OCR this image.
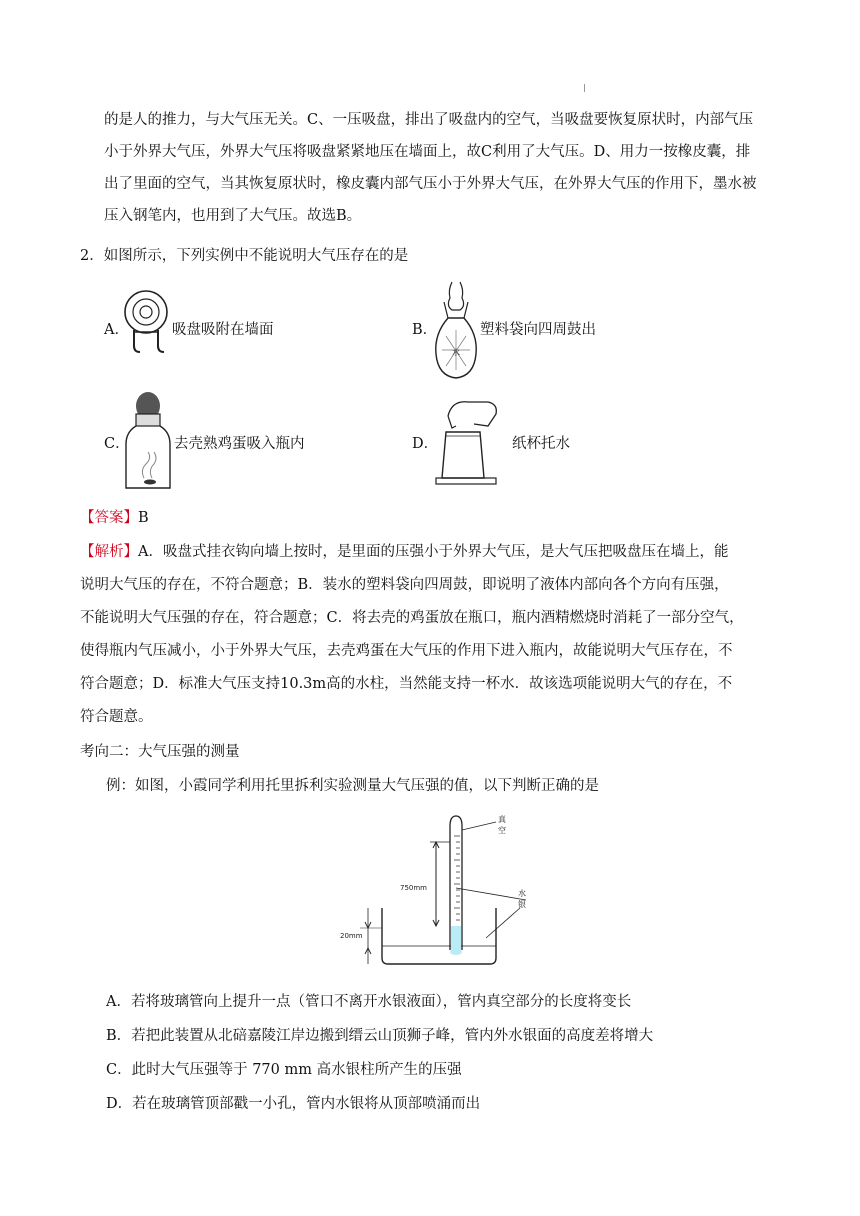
的是人的推力，与大气压无关。C、一压吸盘，排出了吸盘内的空气，当吸盘要恢复原状时，内部气压
小于外界大气压，外界大气压将吸盘紧紧地压在墙面上，故C利用了大气压。D、用力一按橡皮囊，排
出了里面的空气，当其恢复原状时，橡皮囊内部气压小于外界大气压，在外界大气压的作用下，墨水被
压入钢笔内，也用到了大气压。故选B。
2．如图所示，下列实例中不能说明大气压存在的是
A．	吸盘吸附在墙面	B．
水
塑料袋向四周鼓出
C．	去壳熟鸡蛋吸入瓶内	D．	纸杯托水
【答案】B
【解析】A．吸盘式挂衣钩向墙上按时，是里面的压强小于外界大气压，是大气压把吸盘压在墙上，能
说明大气压的存在，不符合题意；B．装水的塑料袋向四周鼓，即说明了液体内部向各个方向有压强，
不能说明大气压强的存在，符合题意；C．将去壳的鸡蛋放在瓶口，瓶内酒精燃烧时消耗了一部分空气，
使得瓶内气压减小，小于外界大气压，去壳鸡蛋在大气压的作用下进入瓶内，故能说明大气压存在，不
符合题意；D．标准大气压支持10.3m高的水柱，当然能支持一杯水．故该选项能说明大气的存在，不
符合题意。
考向二：大气压强的测量
例：如图，小霞同学利用托里拆利实验测量大气压强的值，以下判断正确的是
750mm
20mm
真
空
水
银
A．若将玻璃管向上提升一点（管口不离开水银液面），管内真空部分的长度将变长
B．若把此装置从北碚嘉陵江岸边搬到缙云山顶狮子峰，管内外水银面的高度差将增大
C．此时大气压强等于 770 mm 高水银柱所产生的压强
D．若在玻璃管顶部戳一小孔，管内水银将从顶部喷涌而出
